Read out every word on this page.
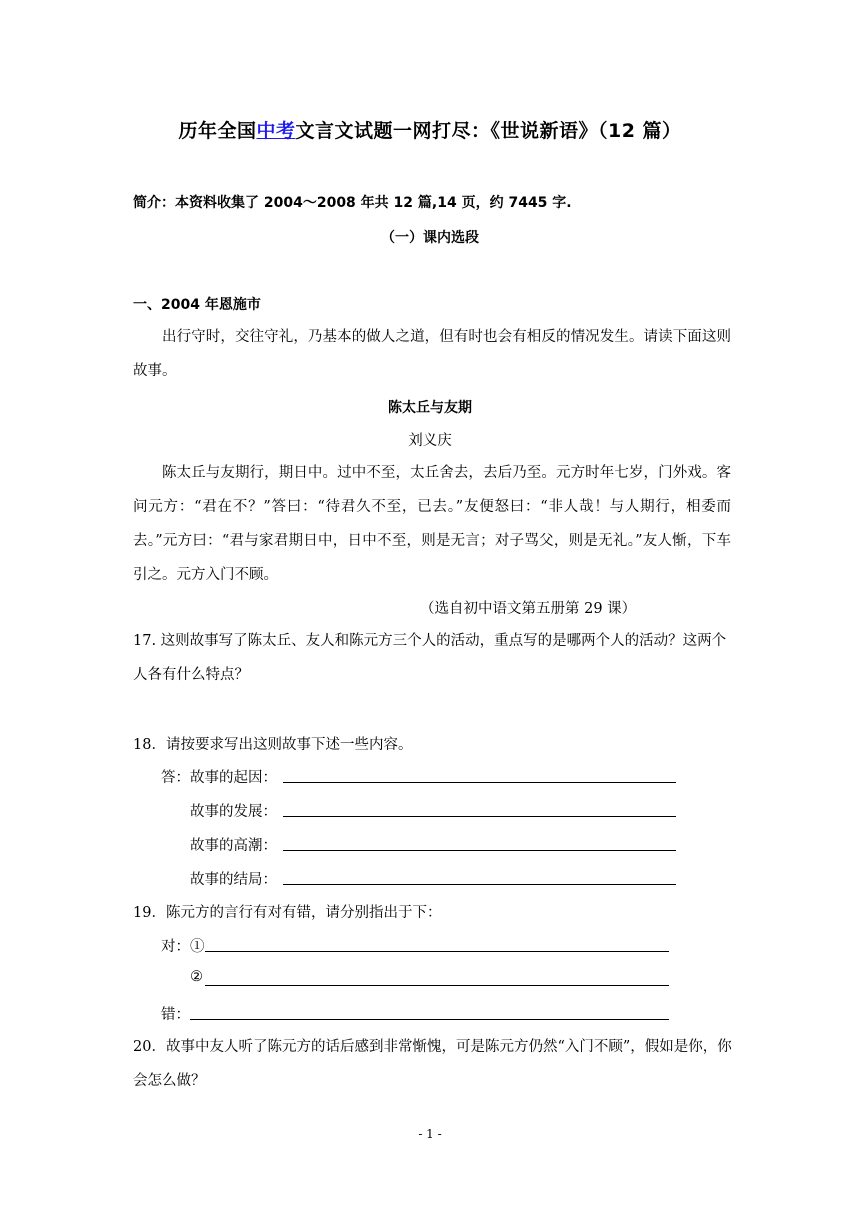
历年全国中考文言文试题一网打尽：《世说新语》（12 篇）
简介：本资料收集了 2004～2008 年共 12 篇,14 页，约 7445 字.
（一）课内选段
一、2004 年恩施市
出行守时，交往守礼，乃基本的做人之道，但有时也会有相反的情况发生。请读下面这则故事。
陈太丘与友期
刘义庆
陈太丘与友期行，期日中。过中不至，太丘舍去，去后乃至。元方时年七岁，门外戏。客问元方：“君在不？”答曰：“待君久不至，已去。”友便怒曰：“非人哉！与人期行，相委而去。”元方曰：“君与家君期日中，日中不至，则是无言；对子骂父，则是无礼。”友人惭，下车引之。元方入门不顾。
（选自初中语文第五册第 29 课）
17. 这则故事写了陈太丘、友人和陈元方三个人的活动，重点写的是哪两个人的活动？这两个人各有什么特点？
18．请按要求写出这则故事下述一些内容。
答： 故事的起因：
故事的发展：
故事的高潮：
故事的结局：
19．陈元方的言行有对有错，请分别指出于下：
对：①
②
错：
20．故事中友人听了陈元方的话后感到非常惭愧，可是陈元方仍然“入门不顾”，假如是你，你会怎么做？
- 1 -
